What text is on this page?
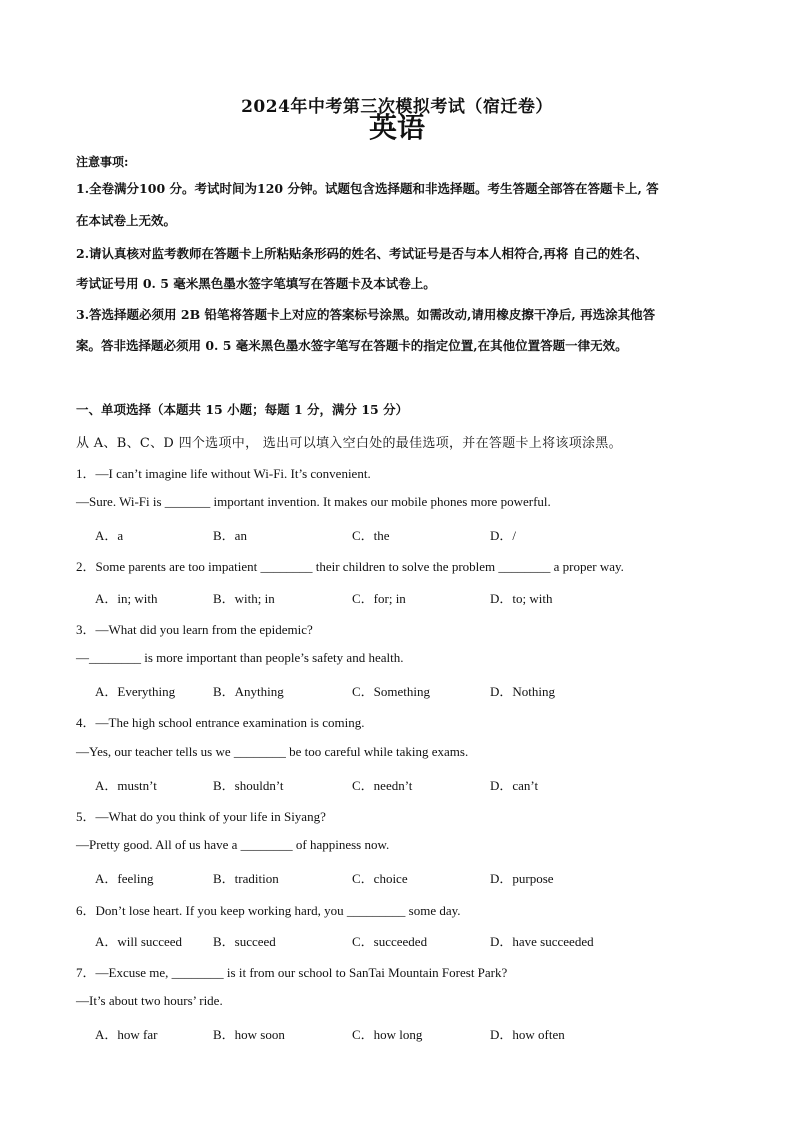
2024年中考第三次模拟考试（宿迁卷）
英语
注意事项:
1.全卷满分100 分。考试时间为120 分钟。试题包含选择题和非选择题。考生答题全部答在答题卡上, 答
在本试卷上无效。
2.请认真核对监考教师在答题卡上所粘贴条形码的姓名、考试证号是否与本人相符合,再将 自己的姓名、
考试证号用 0. 5 毫米黑色墨水签字笔填写在答题卡及本试卷上。
3.答选择题必须用 2B 铅笔将答题卡上对应的答案标号涂黑。如需改动,请用橡皮擦干净后, 再选涂其他答
案。答非选择题必须用 0. 5 毫米黑色墨水签字笔写在答题卡的指定位置,在其他位置答题一律无效。
一、单项选择（本题共 15 小题；每题 1 分，满分 15 分）
从 A、B、C、D 四个选项中， 选出可以填入空白处的最佳选项，并在答题卡上将该项涂黑。
1．—I can’t imagine life without Wi-Fi. It’s convenient.
—Sure. Wi-Fi is _______ important invention. It makes our mobile phones more powerful.
A．a	B．an	C．the	D．/
2．Some parents are too impatient ________ their children to solve the problem ________ a proper way.
A．in; with	B．with; in	C．for; in	D．to; with
3．—What did you learn from the epidemic?
—________ is more important than people’s safety and health.
A．Everything	B．Anything	C．Something	D．Nothing
4．—The high school entrance examination is coming.
—Yes, our teacher tells us we ________ be too careful while taking exams.
A．mustn’t	B．shouldn’t	C．needn’t	D．can’t
5．—What do you think of your life in Siyang?
—Pretty good. All of us have a ________ of happiness now.
A．feeling	B．tradition	C．choice	D．purpose
6．Don’t lose heart. If you keep working hard, you _________ some day.
A．will succeed B．succeed	C．succeeded	D．have succeeded
7．—Excuse me, ________ is it from our school to SanTai Mountain Forest Park?
—It’s about two hours’ ride.
A．how far	B．how soon	C．how long	D．how often
